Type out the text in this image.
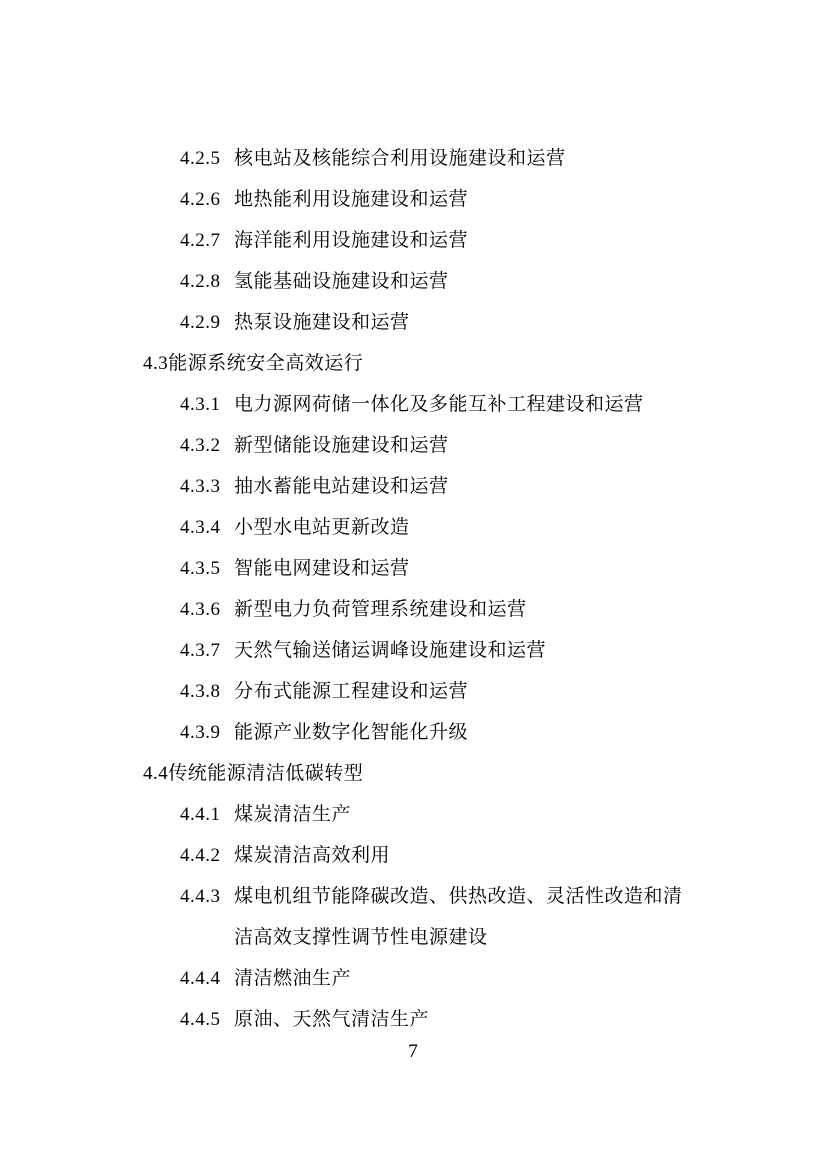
4.2.5 核电站及核能综合利用设施建设和运营
4.2.6 地热能利用设施建设和运营
4.2.7 海洋能利用设施建设和运营
4.2.8 氢能基础设施建设和运营
4.2.9 热泵设施建设和运营
4.3能源系统安全高效运行
4.3.1 电力源网荷储一体化及多能互补工程建设和运营
4.3.2 新型储能设施建设和运营
4.3.3 抽水蓄能电站建设和运营
4.3.4 小型水电站更新改造
4.3.5 智能电网建设和运营
4.3.6 新型电力负荷管理系统建设和运营
4.3.7 天然气输送储运调峰设施建设和运营
4.3.8 分布式能源工程建设和运营
4.3.9 能源产业数字化智能化升级
4.4传统能源清洁低碳转型
4.4.1 煤炭清洁生产
4.4.2 煤炭清洁高效利用
4.4.3 煤电机组节能降碳改造、供热改造、灵活性改造和清
洁高效支撑性调节性电源建设
4.4.4 清洁燃油生产
4.4.5 原油、天然气清洁生产
7
